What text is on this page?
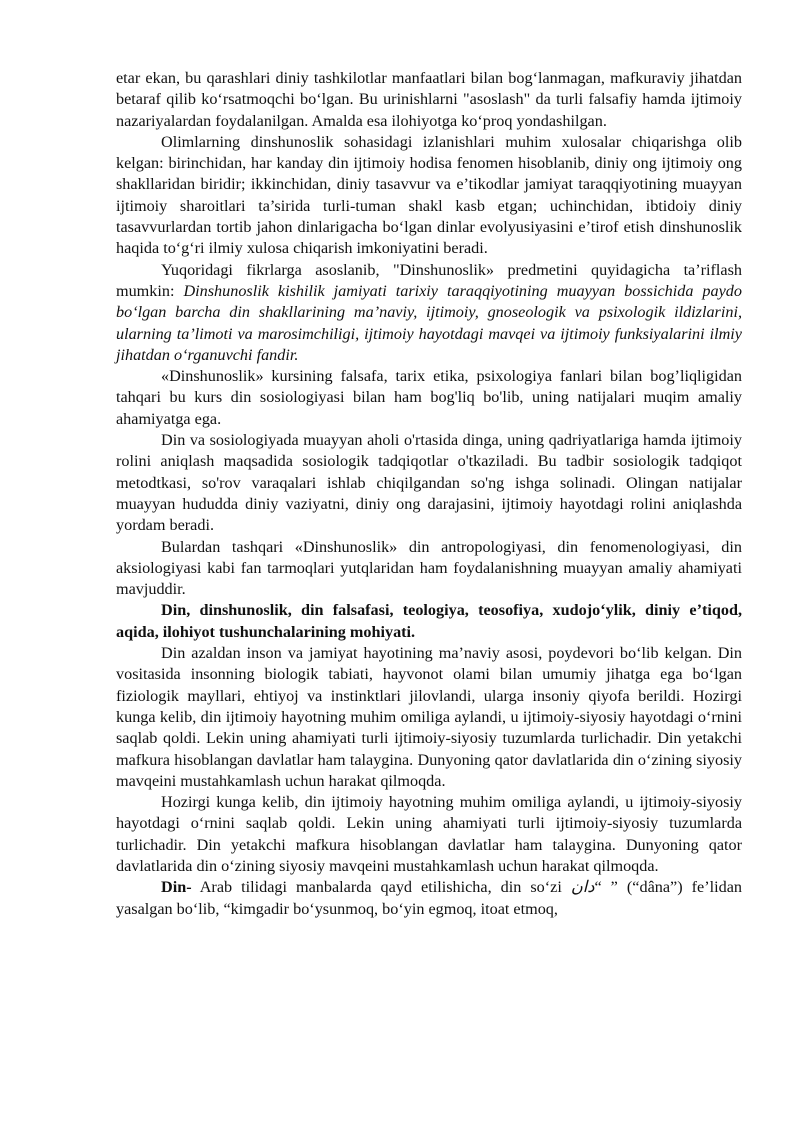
etar ekan, bu qarashlari diniy tashkilotlar manfaatlari bilan bog‘lanmagan, mafkuraviy jihatdan betaraf qilib ko‘rsatmoqchi bo‘lgan. Bu urinishlarni "asoslash" da turli falsafiy hamda ijtimoiy nazariyalardan foydalanilgan. Amalda esa ilohiyotga ko‘proq yondashilgan.

Olimlarning dinshunoslik sohasidagi izlanishlari muhim xulosalar chiqarishga olib kelgan: birinchidan, har kanday din ijtimoiy hodisa fenomen hisoblanib, diniy ong ijtimoiy ong shakllaridan biridir; ikkinchidan, diniy tasavvur va e’tikodlar jamiyat taraqqiyotining muayyan ijtimoiy sharoitlari ta’sirida turli-tuman shakl kasb etgan; uchinchidan, ibtidoiy diniy tasavvurlardan tortib jahon dinlarigacha bo‘lgan dinlar evolyusiyasini e’tirof etish dinshunoslik haqida to‘g‘ri ilmiy xulosa chiqarish imkoniyatini beradi.

Yuqoridagi fikrlarga asoslanib, "Dinshunoslik» predmetini quyidagicha ta’riflash mumkin: Dinshunoslik kishilik jamiyati tarixiy taraqqiyotining muayyan bossichida paydo bo‘lgan barcha din shakllarining ma’naviy, ijtimoiy, gnoseologik va psixologik ildizlarini, ularning ta’limoti va marosimchiligi, ijtimoiy hayotdagi mavqei va ijtimoiy funksiyalarini ilmiy jihatdan o‘rganuvchi fandir.

«Dinshunoslik» kursining falsafa, tarix etika, psixologiya fanlari bilan bog’liqligidan tahqari bu kurs din sosiologiyasi bilan ham bog'liq bo'lib, uning natijalari muqim amaliy ahamiyatga ega.

Din va sosiologiyada muayyan aholi o'rtasida dinga, uning qadriyatlariga hamda ijtimoiy rolini aniqlash maqsadida sosiologik tadqiqotlar o'tkaziladi. Bu tadbir sosiologik tadqiqot metodtkasi, so'rov varaqalari ishlab chiqilgandan so'ng ishga solinadi. Olingan natijalar muayyan hududda diniy vaziyatni, diniy ong darajasini, ijtimoiy hayotdagi rolini aniqlashda yordam beradi.

Bulardan tashqari «Dinshunoslik» din antropologiyasi, din fenomenologiyasi, din aksiologiyasi kabi fan tarmoqlari yutqlaridan ham foydalanishning muayyan amaliy ahamiyati mavjuddir.

Din, dinshunoslik, din falsafasi, teologiya, teosofiya, xudojo‘ylik, diniy e’tiqod, aqida, ilohiyot tushunchalarining mohiyati.

Din azaldan inson va jamiyat hayotining ma’naviy asosi, poydevori bo‘lib kelgan. Din vositasida insonning biologik tabiati, hayvonot olami bilan umumiy jihatga ega bo‘lgan fiziologik mayllari, ehtiyoj va instinktlari jilovlandi, ularga insoniy qiyofa berildi. Hozirgi kunga kelib, din ijtimoiy hayotning muhim omiliga aylandi, u ijtimoiy-siyosiy hayotdagi o‘rnini saqlab qoldi. Lekin uning ahamiyati turli ijtimoiy-siyosiy tuzumlarda turlichadir. Din yetakchi mafkura hisoblangan davlatlar ham talaygina. Dunyoning qator davlatlarida din o‘zining siyosiy mavqeini mustahkamlash uchun harakat qilmoqda.

Hozirgi kunga kelib, din ijtimoiy hayotning muhim omiliga aylandi, u ijtimoiy-siyosiy hayotdagi o‘rnini saqlab qoldi. Lekin uning ahamiyati turli ijtimoiy-siyosiy tuzumlarda turlichadir. Din yetakchi mafkura hisoblangan davlatlar ham talaygina. Dunyoning qator davlatlarida din o‘zining siyosiy mavqeini mustahkamlash uchun harakat qilmoqda.

Din- Arab tilidagi manbalarda qayd etilishicha, din so‘zi دان“ ” (“dâna”) fe’lidan yasalgan bo‘lib, “kimgadir bo‘ysunmoq, bo‘yin egmoq, itoat etmoq,
